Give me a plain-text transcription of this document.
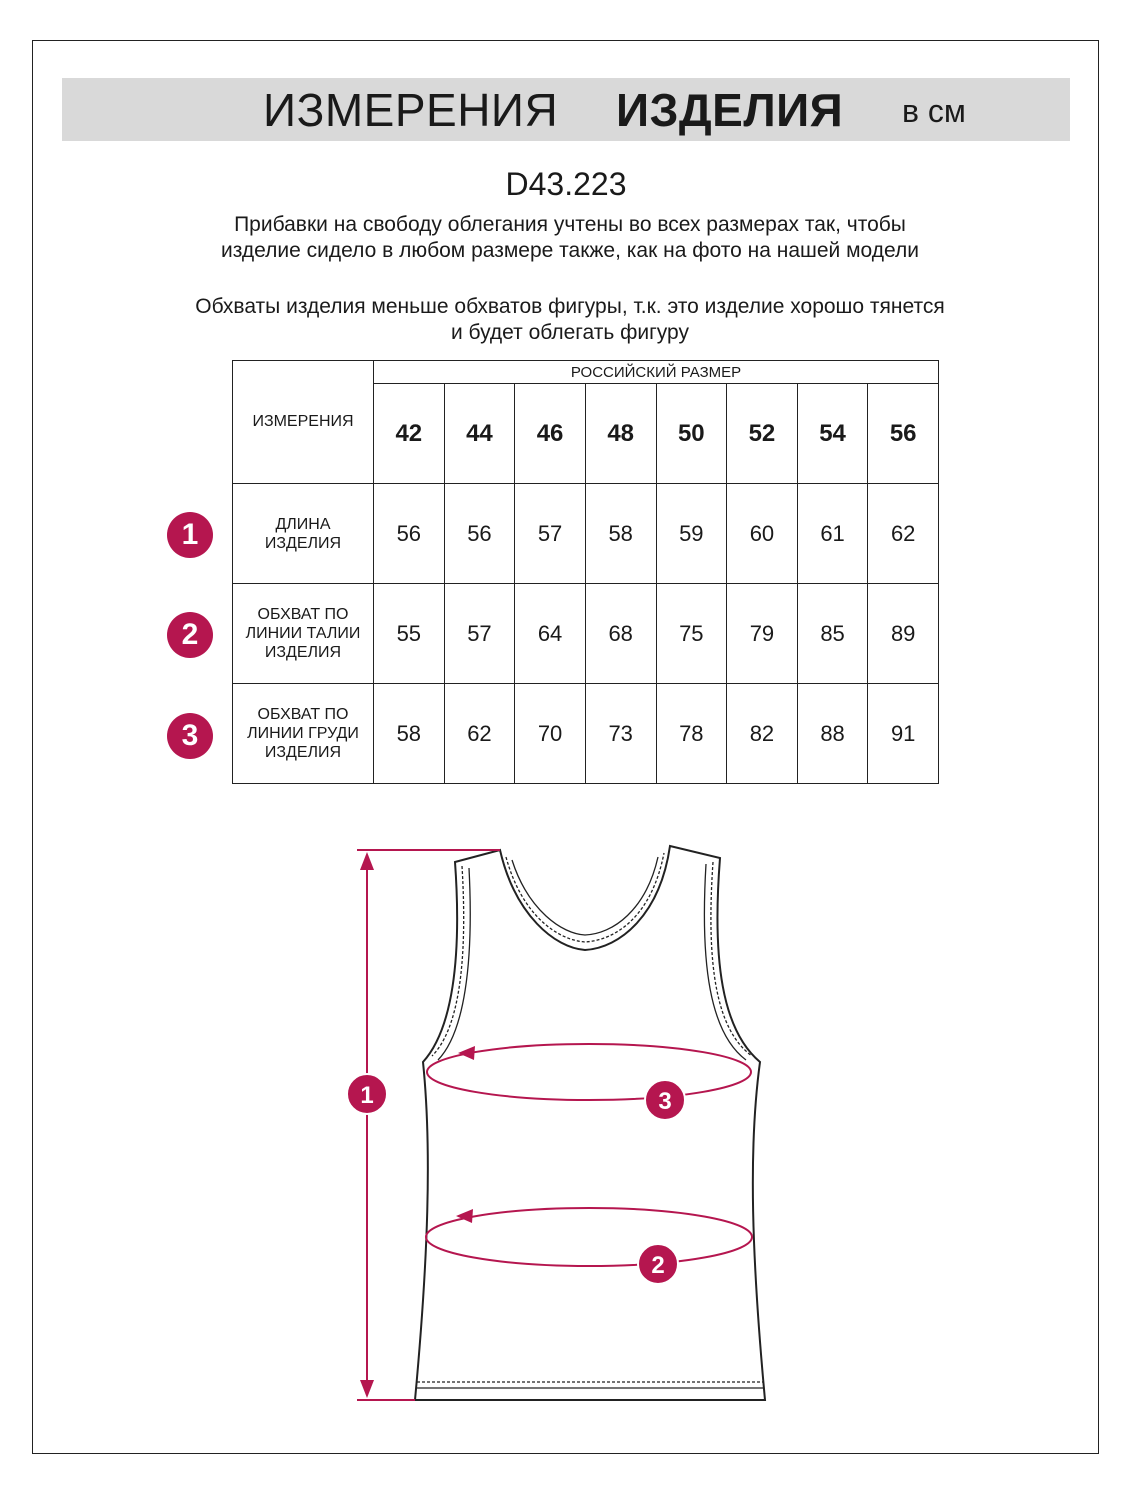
ИЗМЕРЕНИЯ ИЗДЕЛИЯ в см
D43.223
Прибавки на свободу облегания учтены во всех размерах так, чтобы изделие сидело в любом размере также, как на фото на нашей модели
Обхваты изделия меньше обхватов фигуры, т.к. это изделие хорошо тянется и будет облегать фигуру
ИЗМЕРЕНИЯ	РОССИЙСКИЙ РАЗМЕР							
	42	44	46	48	50	52	54	56

ДЛИНА ИЗДЕЛИЯ	56	56	57	58	59	60	61	62

ОБХВАТ ПО ЛИНИИ ТАЛИИ ИЗДЕЛИЯ	55	57	64	68	75	79	85	89

ОБХВАТ ПО ЛИНИИ ГРУДИ ИЗДЕЛИЯ	58	62	70	73	78	82	88	91
1
2
3
1	3
2
